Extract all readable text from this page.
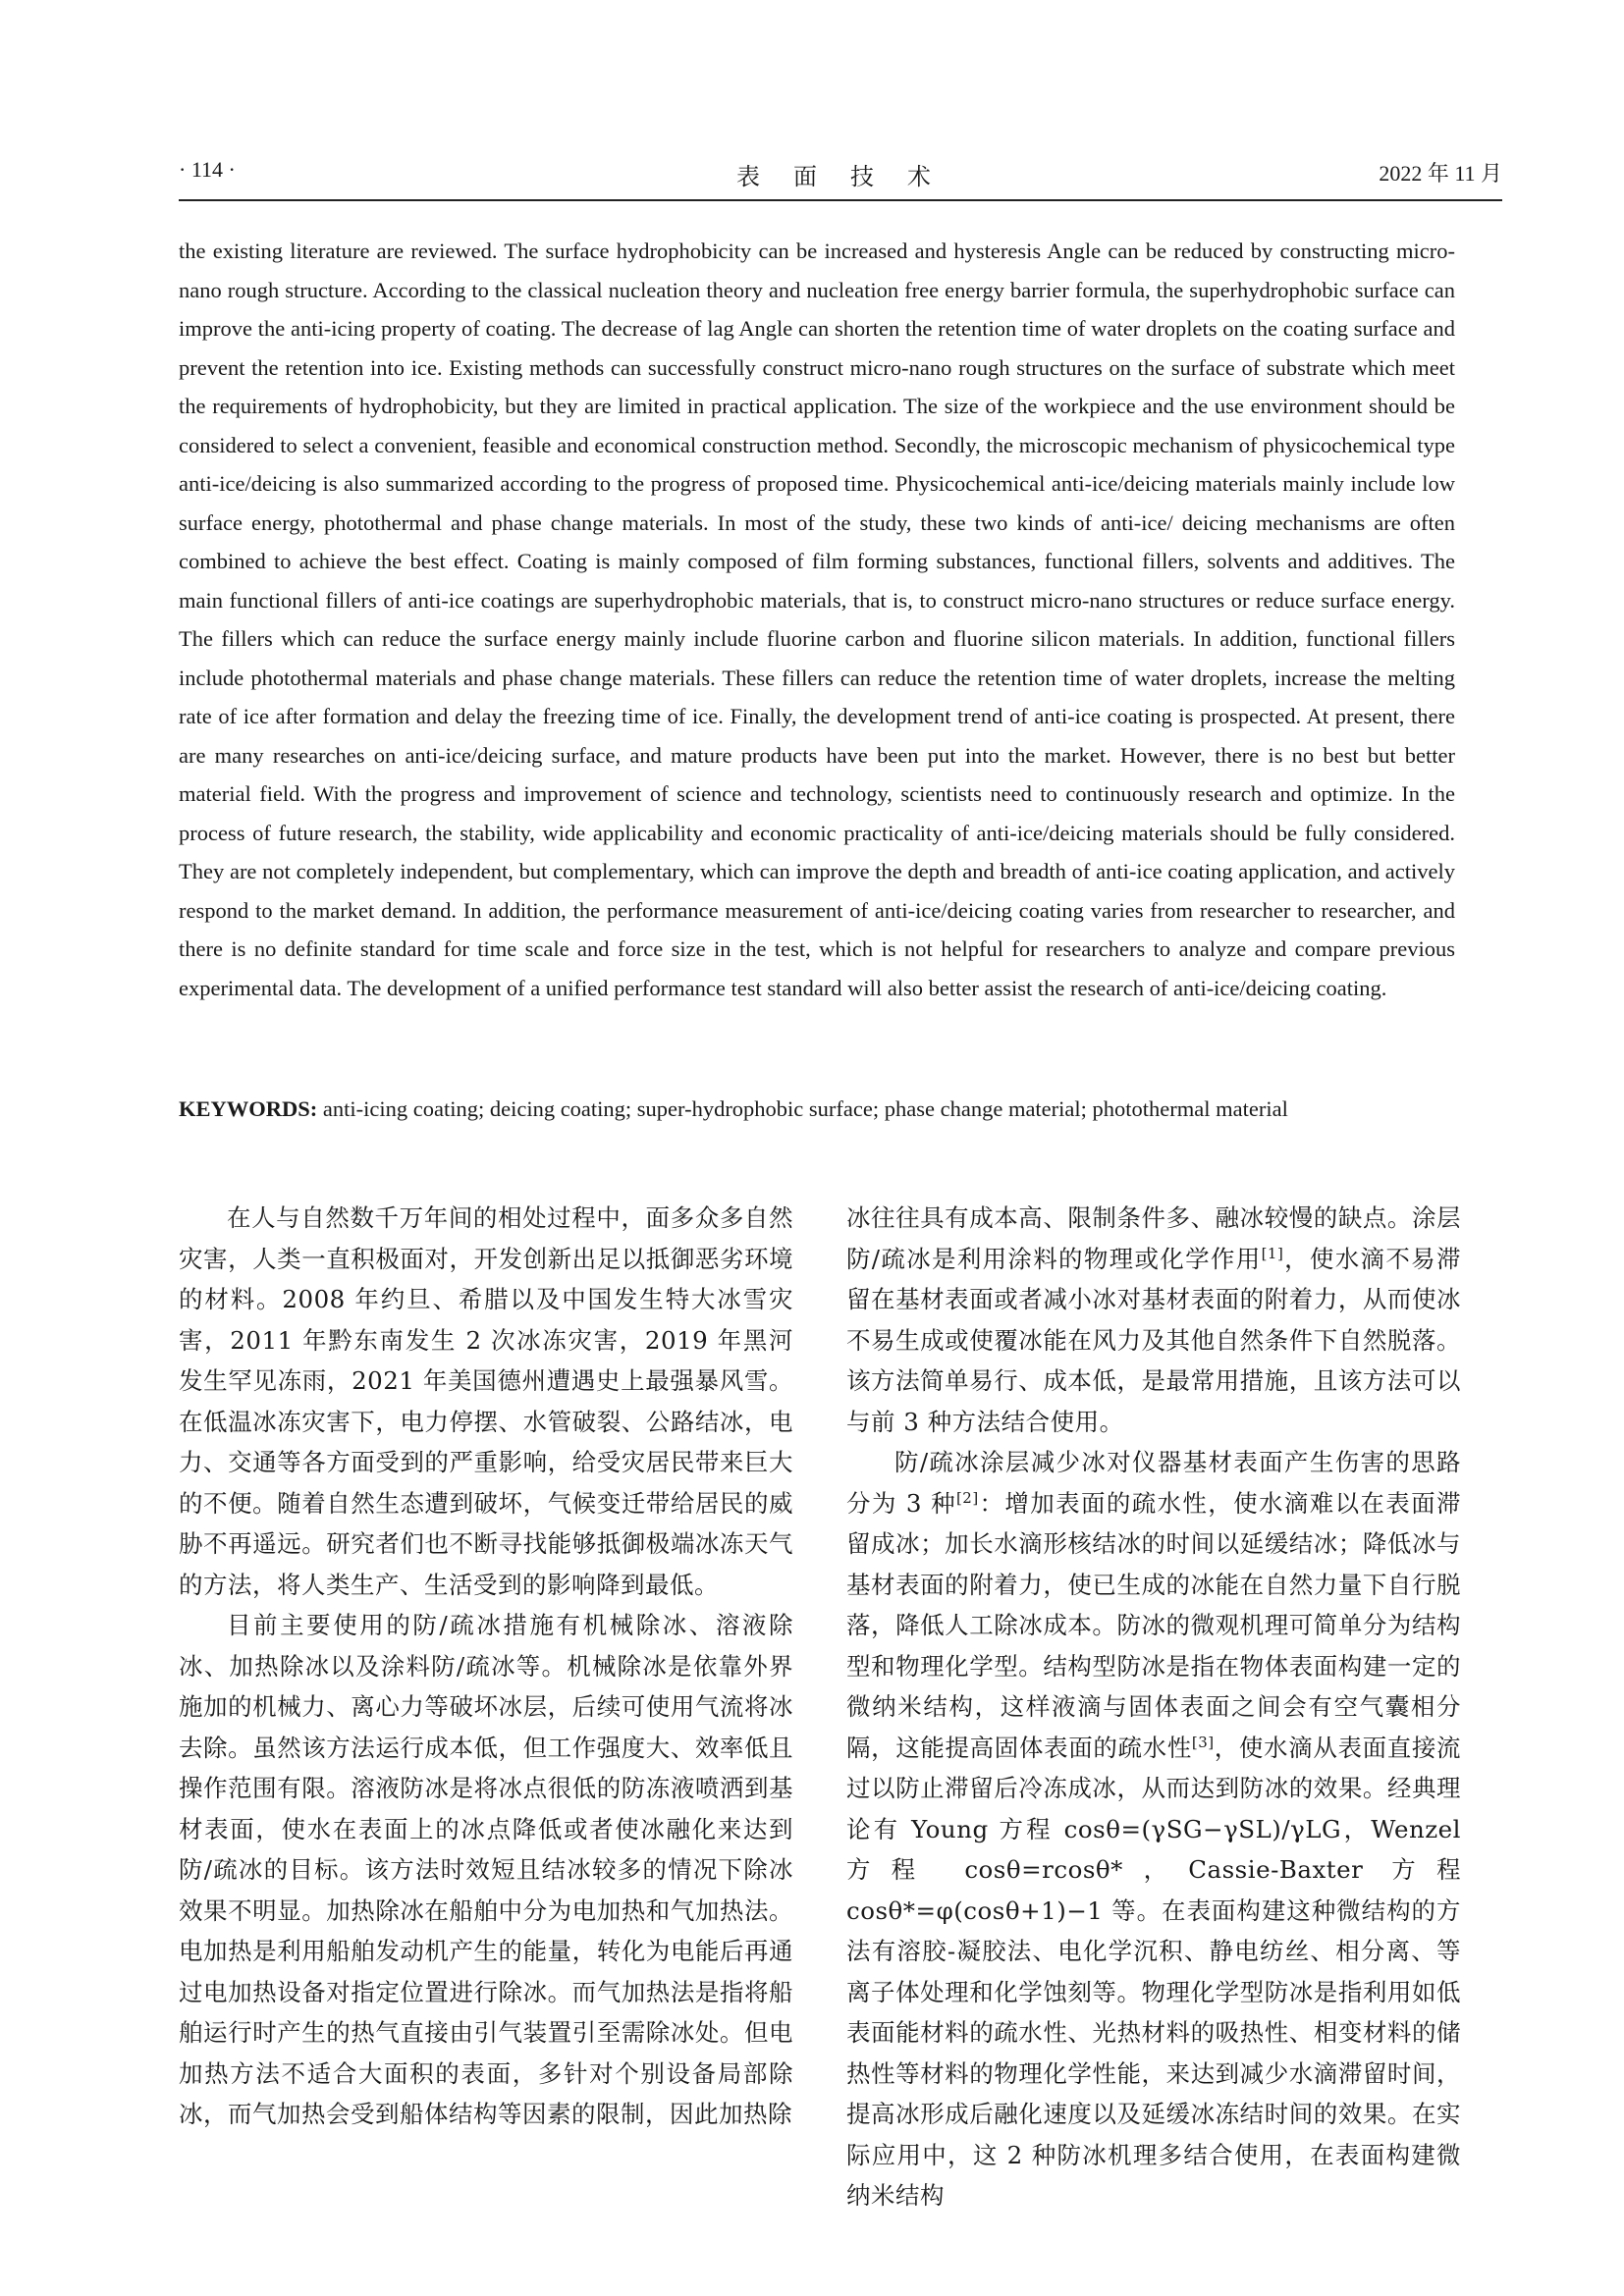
· 114 ·	表 面 技 术	2022 年 11 月
the existing literature are reviewed. The surface hydrophobicity can be increased and hysteresis Angle can be reduced by constructing micro-nano rough structure. According to the classical nucleation theory and nucleation free energy barrier formula, the superhydrophobic surface can improve the anti-icing property of coating. The decrease of lag Angle can shorten the retention time of water droplets on the coating surface and prevent the retention into ice. Existing methods can successfully construct micro-nano rough structures on the surface of substrate which meet the requirements of hydrophobicity, but they are limited in practical application. The size of the workpiece and the use environment should be considered to select a convenient, feasible and economical construction method. Secondly, the microscopic mechanism of physicochemical type anti-ice/deicing is also summarized according to the progress of proposed time. Physicochemical anti-ice/deicing materials mainly include low surface energy, photothermal and phase change materials. In most of the study, these two kinds of anti-ice/ deicing mechanisms are often combined to achieve the best effect. Coating is mainly composed of film forming substances, functional fillers, solvents and additives. The main functional fillers of anti-ice coatings are superhydrophobic materials, that is, to construct micro-nano structures or reduce surface energy. The fillers which can reduce the surface energy mainly include fluorine carbon and fluorine silicon materials. In addition, functional fillers include photothermal materials and phase change materials. These fillers can reduce the retention time of water droplets, increase the melting rate of ice after formation and delay the freezing time of ice. Finally, the development trend of anti-ice coating is prospected. At present, there are many researches on anti-ice/deicing surface, and mature products have been put into the market. However, there is no best but better material field. With the progress and improvement of science and technology, scientists need to continuously research and optimize. In the process of future research, the stability, wide applicability and economic practicality of anti-ice/deicing materials should be fully considered. They are not completely independent, but complementary, which can improve the depth and breadth of anti-ice coating application, and actively respond to the market demand. In addition, the performance measurement of anti-ice/deicing coating varies from researcher to researcher, and there is no definite standard for time scale and force size in the test, which is not helpful for researchers to analyze and compare previous experimental data. The development of a unified performance test standard will also better assist the research of anti-ice/deicing coating.
KEYWORDS: anti-icing coating; deicing coating; super-hydrophobic surface; phase change material; photothermal material

在人与自然数千万年间的相处过程中，面多众多自然灾害，人类一直积极面对，开发创新出足以抵御恶劣环境的材料。2008 年约旦、希腊以及中国发生特大冰雪灾害，2011 年黔东南发生 2 次冰冻灾害，2019 年黑河发生罕见冻雨，2021 年美国德州遭遇史上最强暴风雪。在低温冰冻灾害下，电力停摆、水管破裂、公路结冰，电力、交通等各方面受到的严重影响，给受灾居民带来巨大的不便。随着自然生态遭到破坏，气候变迁带给居民的威胁不再遥远。研究者们也不断寻找能够抵御极端冰冻天气的方法，将人类生产、生活受到的影响降到最低。

目前主要使用的防/疏冰措施有机械除冰、溶液除冰、加热除冰以及涂料防/疏冰等。机械除冰是依靠外界施加的机械力、离心力等破坏冰层，后续可使用气流将冰去除。虽然该方法运行成本低，但工作强度大、效率低且操作范围有限。溶液防冰是将冰点很低的防冻液喷洒到基材表面，使水在表面上的冰点降低或者使冰融化来达到防/疏冰的目标。该方法时效短且结冰较多的情况下除冰效果不明显。加热除冰在船舶中分为电加热和气加热法。电加热是利用船舶发动机产生的能量，转化为电能后再通过电加热设备对指定位置进行除冰。而气加热法是指将船舶运行时产生的热气直接由引气装置引至需除冰处。但电加热方法不适合大面积的表面，多针对个别设备局部除冰，而气加热会受到船体结构等因素的限制，因此加热除

冰往往具有成本高、限制条件多、融冰较慢的缺点。涂层防/疏冰是利用涂料的物理或化学作用[1]，使水滴不易滞留在基材表面或者减小冰对基材表面的附着力，从而使冰不易生成或使覆冰能在风力及其他自然条件下自然脱落。该方法简单易行、成本低，是最常用措施，且该方法可以与前 3 种方法结合使用。

防/疏冰涂层减少冰对仪器基材表面产生伤害的思路分为 3 种[2]：增加表面的疏水性，使水滴难以在表面滞留成冰；加长水滴形核结冰的时间以延缓结冰；降低冰与基材表面的附着力，使已生成的冰能在自然力量下自行脱落，降低人工除冰成本。防冰的微观机理可简单分为结构型和物理化学型。结构型防冰是指在物体表面构建一定的微纳米结构，这样液滴与固体表面之间会有空气囊相分隔，这能提高固体表面的疏水性[3]，使水滴从表面直接流过以防止滞留后冷冻成冰，从而达到防冰的效果。经典理论有 Young 方程 cosθ=(γSG−γSL)/γLG，Wenzel 方程 cosθ=rcosθ*，Cassie-Baxter 方程 cosθ*=φ(cosθ+1)−1 等。在表面构建这种微结构的方法有溶胶-凝胶法、电化学沉积、静电纺丝、相分离、等离子体处理和化学蚀刻等。物理化学型防冰是指利用如低表面能材料的疏水性、光热材料的吸热性、相变材料的储热性等材料的物理化学性能，来达到减少水滴滞留时间，提高冰形成后融化速度以及延缓冰冻结时间的效果。在实际应用中，这 2 种防冰机理多结合使用，在表面构建微纳米结构
